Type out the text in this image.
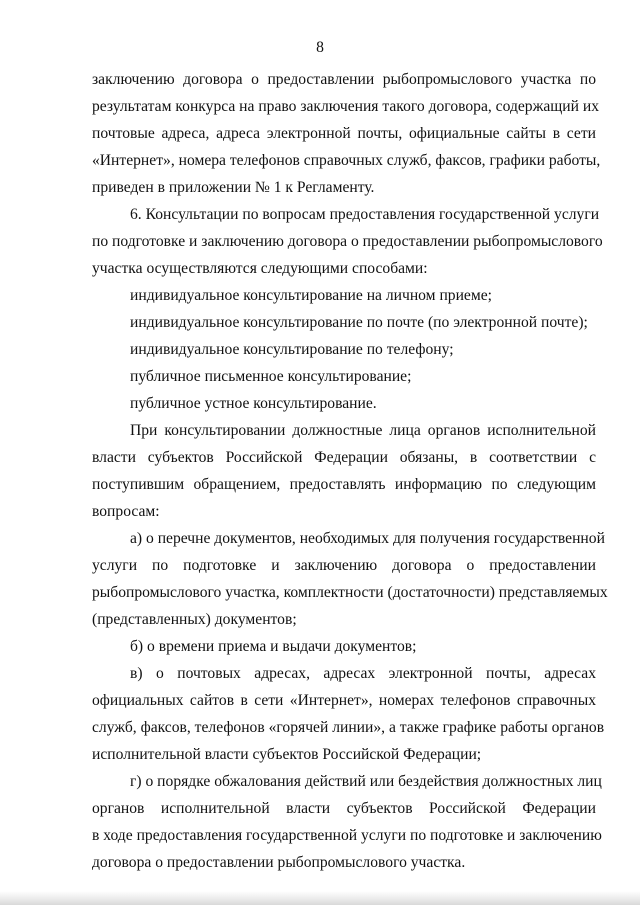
8
заключению договора о предоставлении рыбопромыслового участка по
результатам конкурса на право заключения такого договора, содержащий их
почтовые адреса, адреса электронной почты, официальные сайты в сети
«Интернет», номера телефонов справочных служб, факсов, графики работы,
приведен в приложении № 1 к Регламенту.
6. Консультации по вопросам предоставления государственной услуги
по подготовке и заключению договора о предоставлении рыбопромыслового
участка осуществляются следующими способами:
индивидуальное консультирование на личном приеме;
индивидуальное консультирование по почте (по электронной почте);
индивидуальное консультирование по телефону;
публичное письменное консультирование;
публичное устное консультирование.
При консультировании должностные лица органов исполнительной
власти субъектов Российской Федерации обязаны, в соответствии с
поступившим обращением, предоставлять информацию по следующим
вопросам:
а) о перечне документов, необходимых для получения государственной
услуги по подготовке и заключению договора о предоставлении
рыбопромыслового участка, комплектности (достаточности) представляемых
(представленных) документов;
б) о времени приема и выдачи документов;
в) о почтовых адресах, адресах электронной почты, адресах
официальных сайтов в сети «Интернет», номерах телефонов справочных
служб, факсов, телефонов «горячей линии», а также графике работы органов
исполнительной власти субъектов Российской Федерации;
г) о порядке обжалования действий или бездействия должностных лиц
органов исполнительной власти субъектов Российской Федерации
в ходе предоставления государственной услуги по подготовке и заключению
договора о предоставлении рыбопромыслового участка.
